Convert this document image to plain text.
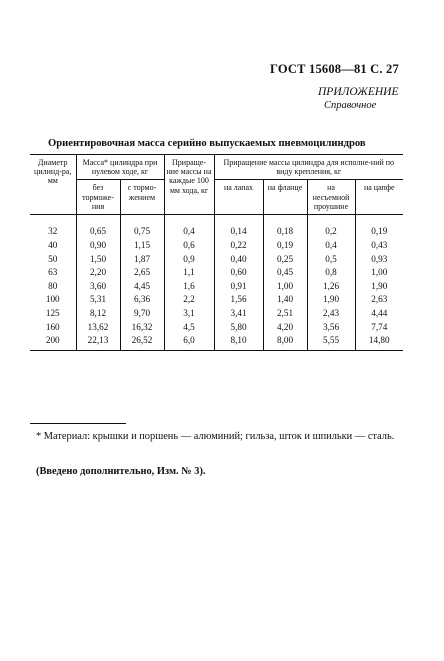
ГОСТ 15608—81 С. 27
ПРИЛОЖЕНИЕ
Справочное
Ориентировочная масса серийно выпускаемых пневмоцилиндров
Диаметр цилинд-ра, мм	Масса* цилиндра при нулевом ходе, кг		Прираще-ние массы на каждые 100 мм хода, кг	Приращение массы цилиндра для исполне-ний по виду крепления, кг			
	без торможе-ния	с тормо-жением		на лапах	на фланце	на несъемной проушине	на цапфе
32	0,65	0,75	0,4	0,14	0,18	0,2	0,19
40	0,90	1,15	0,6	0,22	0,19	0,4	0,43
50	1,50	1,87	0,9	0,40	0,25	0,5	0,93
63	2,20	2,65	1,1	0,60	0,45	0,8	1,00
80	3,60	4,45	1,6	0,91	1,00	1,26	1,90
100	5,31	6,36	2,2	1,56	1,40	1,90	2,63
125	8,12	9,70	3,1	3,41	2,51	2,43	4,44
160	13,62	16,32	4,5	5,80	4,20	3,56	7,74
200	22,13	26,52	6,0	8,10	8,00	5,55	14,80
* Материал: крышки и поршень — алюминий; гильза, шток и шпильки — сталь.
(Введено дополнительно, Изм. № 3).
